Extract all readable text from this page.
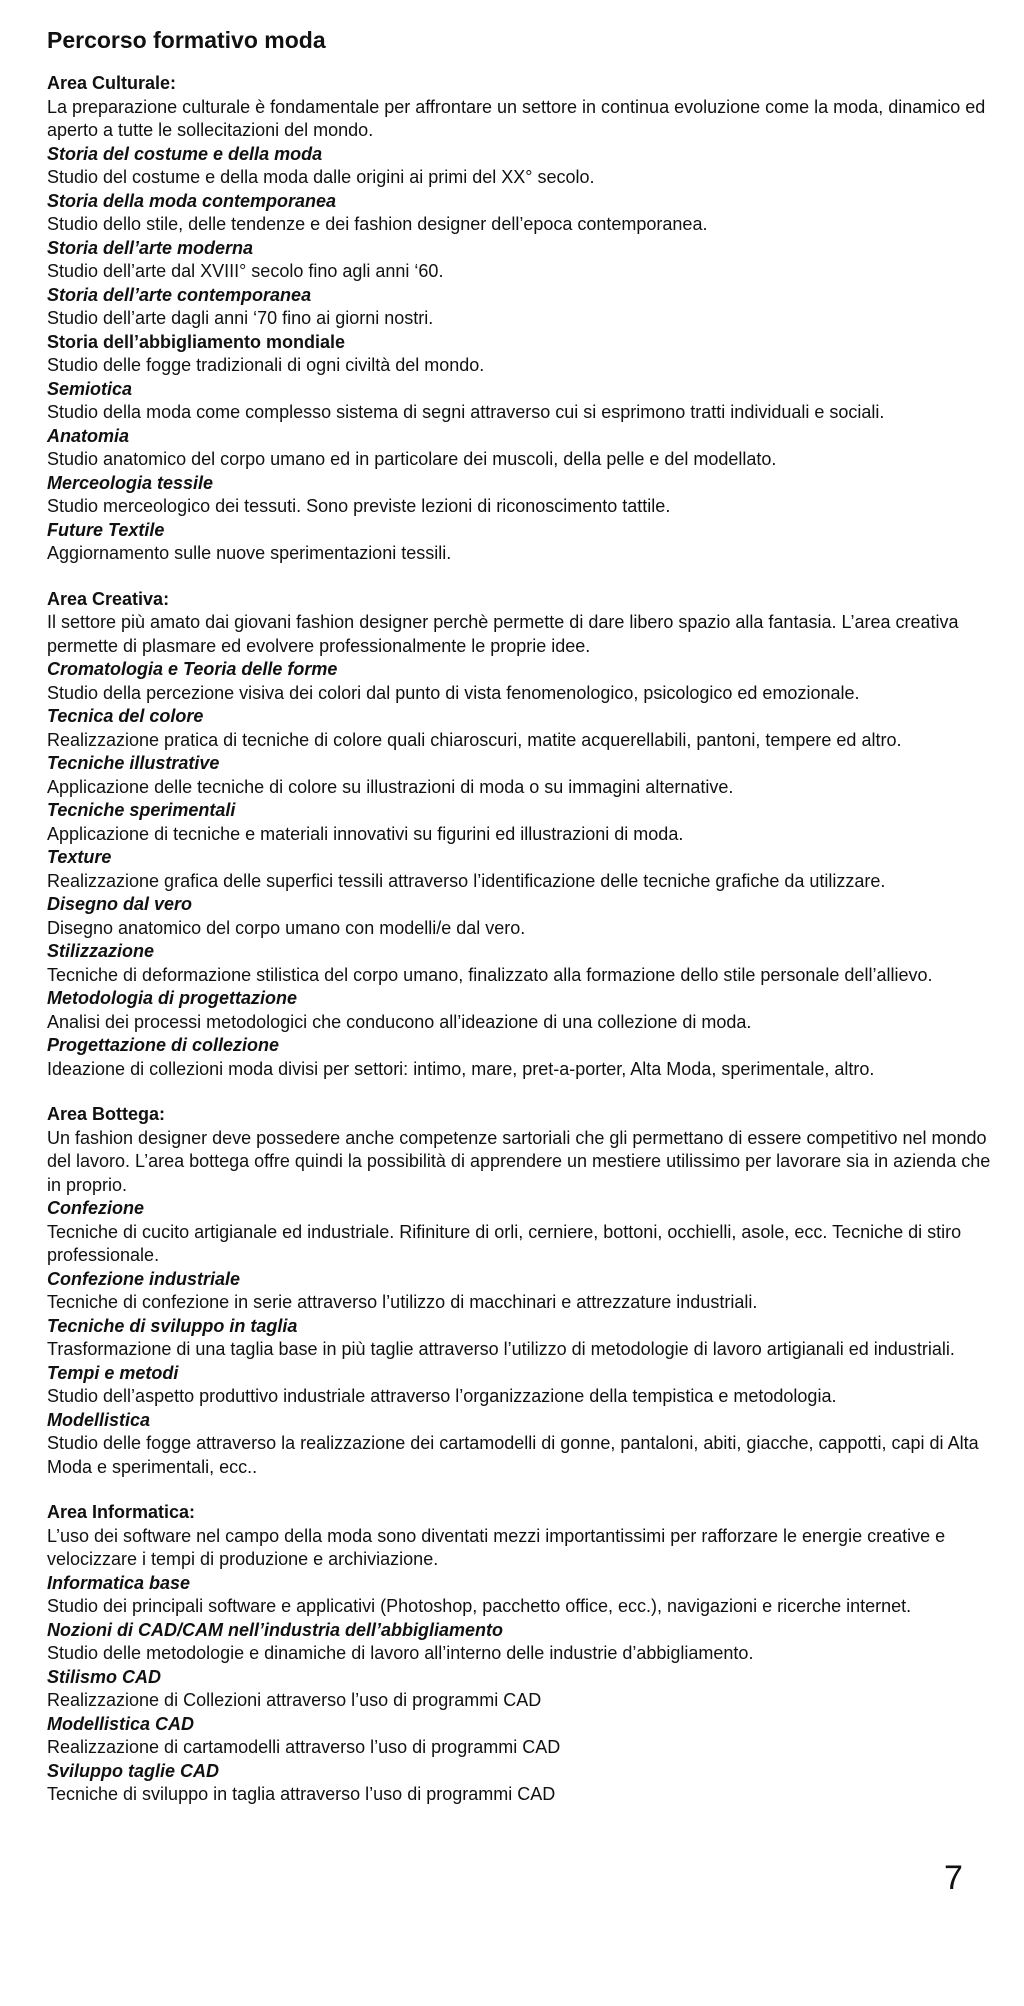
Percorso formativo moda
Area Culturale:

La preparazione culturale è fondamentale per affrontare un settore in continua evoluzione come la moda, dinamico ed aperto a tutte le sollecitazioni del mondo.

Storia del costume e della moda

Studio del costume e della moda dalle origini ai primi del XX° secolo.

Storia della moda contemporanea

Studio dello stile, delle tendenze e dei fashion designer dell’epoca contemporanea.

Storia dell’arte moderna

Studio dell’arte dal XVIII° secolo fino agli anni ‘60.

Storia dell’arte contemporanea

Studio dell’arte dagli anni ‘70 fino ai giorni nostri.

Storia dell’abbigliamento mondiale

Studio delle fogge tradizionali di ogni civiltà del mondo.

Semiotica

Studio della moda come complesso sistema di segni attraverso cui si esprimono tratti individuali e sociali.

Anatomia

Studio anatomico del corpo umano ed in particolare dei muscoli, della pelle e del modellato.

Merceologia tessile

Studio merceologico dei tessuti. Sono previste lezioni di riconoscimento tattile.

Future Textile

Aggiornamento sulle nuove sperimentazioni tessili.

Area Creativa:

Il settore più amato dai giovani fashion designer perchè permette di dare libero spazio alla fantasia. L’area creativa permette di plasmare ed evolvere professionalmente le proprie idee.

Cromatologia e Teoria delle forme

Studio della percezione visiva dei colori dal punto di vista fenomenologico, psicologico ed emozionale.

Tecnica del colore

Realizzazione pratica di tecniche di colore quali chiaroscuri, matite acquerellabili, pantoni, tempere ed altro.

Tecniche illustrative

Applicazione delle tecniche di colore su illustrazioni di moda o su immagini alternative.

Tecniche sperimentali

Applicazione di tecniche e materiali innovativi su figurini ed illustrazioni di moda.

Texture

Realizzazione grafica delle superfici tessili attraverso l’identificazione delle tecniche grafiche da utilizzare.

Disegno dal vero

Disegno anatomico del corpo umano con modelli/e dal vero.

Stilizzazione

Tecniche di deformazione stilistica del corpo umano, finalizzato alla formazione dello stile personale dell’allievo.

Metodologia di progettazione

Analisi dei processi metodologici che conducono all’ideazione di una collezione di moda.

Progettazione di collezione

Ideazione di collezioni moda divisi per settori: intimo, mare, pret-a-porter, Alta Moda, sperimentale, altro.

Area Bottega:

Un fashion designer deve possedere anche competenze sartoriali che gli permettano di essere competitivo nel mondo del lavoro. L’area bottega offre quindi la possibilità di apprendere un mestiere utilissimo per lavorare sia in azienda che in proprio.

Confezione

Tecniche di cucito artigianale ed industriale. Rifiniture di orli, cerniere, bottoni, occhielli, asole, ecc. Tecniche di stiro professionale.

Confezione industriale

Tecniche di confezione in serie attraverso l’utilizzo di macchinari e attrezzature industriali.

Tecniche di sviluppo in taglia

Trasformazione di una taglia base in più taglie attraverso l’utilizzo di metodologie di lavoro artigianali ed industriali.

Tempi e metodi

Studio dell’aspetto produttivo industriale attraverso l’organizzazione della tempistica e metodologia.

Modellistica

Studio delle fogge attraverso la realizzazione dei cartamodelli di gonne, pantaloni, abiti, giacche, cappotti, capi di Alta Moda e sperimentali, ecc..

Area Informatica:

L’uso dei software nel campo della moda sono diventati mezzi importantissimi per rafforzare le energie creative e velocizzare i tempi di produzione e archiviazione.

Informatica base

Studio dei principali software e applicativi (Photoshop, pacchetto office, ecc.), navigazioni e ricerche internet.

Nozioni di CAD/CAM nell’industria dell’abbigliamento

Studio delle metodologie e dinamiche di lavoro all’interno delle industrie d’abbigliamento.

Stilismo CAD

Realizzazione di Collezioni attraverso l’uso di programmi CAD

Modellistica CAD

Realizzazione di cartamodelli attraverso l’uso di programmi CAD

Sviluppo taglie CAD

Tecniche di sviluppo in taglia attraverso l’uso di programmi CAD

7
